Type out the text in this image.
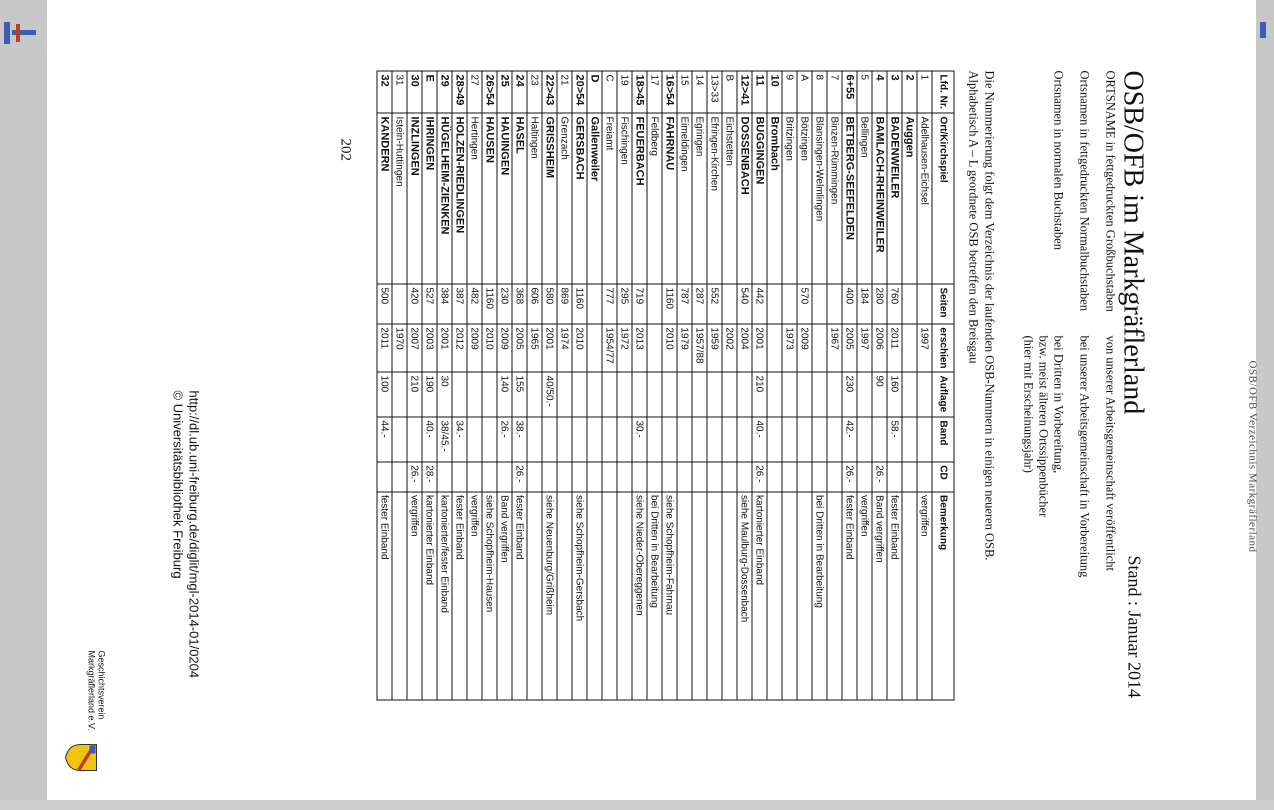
OSB/OFB Verzeichnis Markgräflerland
OSB/OFB im Markgräflerland
Stand : Januar 2014
ORTSNAME in fettgedruckten Großbuchstaben
von unserer Arbeitsgemeinschaft veröffentlicht
Ortsnamen in fettgedruckten Normalbuchstaben
bei unserer Arbeitsgemeinschaft in Vorbereitung
Ortsnamen in normalen Buchstaben
bei Dritten in Vorbereitung,
bzw. meist älteren Ortssippenbücher
(hier mit Erscheinungsjahr)
Die Nummerierung folgt dem Verzeichnis der laufenden OSB-Nummern in einigen neueren OSB.
Alphabetisch A – L geordnete OSB betreffen den Breisgau
Lfd. Nr.	Ort/Kirchspiel	Seiten	erschien	Auflage	Band	CD	Bemerkung
1	Adelhausen-Eichsel		1997				vergriffen
2	Auggen						
3	BADENWEILER	760	2011	160	58.-		fester Einband
4	BAMLACH-RHEINWEILER	280	2006	90		26.-	Band vergriffen
5	Bellingen	184	1997				vergriffen
6+55	BETBERG-SEEFELDEN	400	2005	230	42.-	26.-	fester Einband
7	Binzen-Rümmingen		1967				
8	Blansingen-Welmlingen						bei Dritten in Bearbeitung
A	Bötzingen	570	2009				
9	Britzingen		1973				
10	Brombach						
11	BUGGINGEN	442	2001	210	40.-	26.-	kartonierter Einband
12>41	DOSSENBACH	540	2004				siehe Maulburg-Dossenbach
B	Eichstetten		2002				
13>33	Efringen-Kirchen	552	1959				
14	Egringen	287	1957/88				
15	Eimeldingen	787	1979				
16>54	FAHRNAU	1160	2010				siehe Schopfheim-Fahrnau
17	Feldberg						bei Dritten in Bearbeitung
18>45	FEUERBACH	719	2013		30.-		siehe Nieder-Obereggenen
19	Fischingen	295	1972				
C	Freiamt	777	1954/77				
D	Gallenweiler						
20>54	GERSBACH	1160	2010				siehe Schopfheim-Gersbach
21	Grenzach	869	1974				
22>43	GRISSHEIM	580	2001	40/50.-			siehe Neuenburg/Grißheim
23	Haltingen	606	1965				
24	HASEL	368	2005	155	38.-	26.-	fester Einband
25	HAUINGEN	230	2009	140	26.-		Band vergriffen
26>54	HAUSEN	1160	2010				siehe Schopfheim-Hausen
27	Hertingen	482	2009				vergriffen
28>49	HOLZEN-RIEDLINGEN	387	2012		34.-		fester Einband
29	HÜGELHEIM-ZIENKEN	384	2001	30	38/45.-		kartonierter/fester Einband
E	IHRINGEN	527	2003	190	40.-	28.-	kartonierter Einband
30	INZLINGEN	420	2007	210		26.-	vergriffen
31	Istein-Huttingen		1970				
32	KANDERN	500	2011	100	44.-		fester Einband
202
http://dl.ub.uni-freiburg.de/diglit/mgl-2014-01/0204
© Universitätsbibliothek Freiburg
Geschichtsverein
Markgräflerland e.V.
